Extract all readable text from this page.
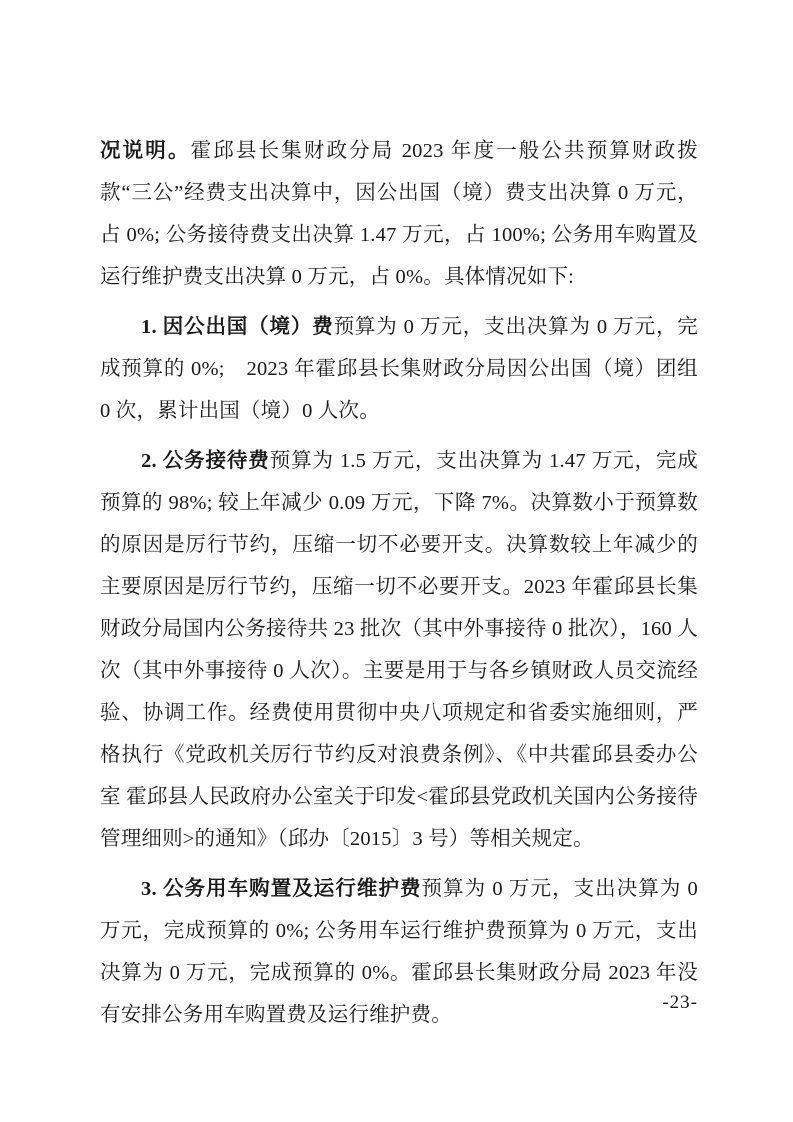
况说明。霍邱县长集财政分局 2023 年度一般公共预算财政拨款“三公”经费支出决算中，因公出国（境）费支出决算 0 万元，占 0%; 公务接待费支出决算 1.47 万元，占 100%; 公务用车购置及运行维护费支出决算 0 万元，占 0%。具体情况如下:

1. 因公出国（境）费预算为 0 万元，支出决算为 0 万元，完成预算的 0%;　2023 年霍邱县长集财政分局因公出国（境）团组 0 次，累计出国（境）0 人次。

2. 公务接待费预算为 1.5 万元，支出决算为 1.47 万元，完成预算的 98%; 较上年减少 0.09 万元，下降 7%。决算数小于预算数的原因是厉行节约，压缩一切不必要开支。决算数较上年减少的主要原因是厉行节约，压缩一切不必要开支。2023 年霍邱县长集财政分局国内公务接待共 23 批次（其中外事接待 0 批次），160 人次（其中外事接待 0 人次）。主要是用于与各乡镇财政人员交流经验、协调工作。经费使用贯彻中央八项规定和省委实施细则，严格执行《党政机关厉行节约反对浪费条例》、《中共霍邱县委办公室 霍邱县人民政府办公室关于印发<霍邱县党政机关国内公务接待管理细则>的通知》（邱办〔2015〕3 号）等相关规定。

3. 公务用车购置及运行维护费预算为 0 万元，支出决算为 0 万元，完成预算的 0%; 公务用车运行维护费预算为 0 万元，支出决算为 0 万元，完成预算的 0%。霍邱县长集财政分局 2023 年没有安排公务用车购置费及运行维护费。

-23-
